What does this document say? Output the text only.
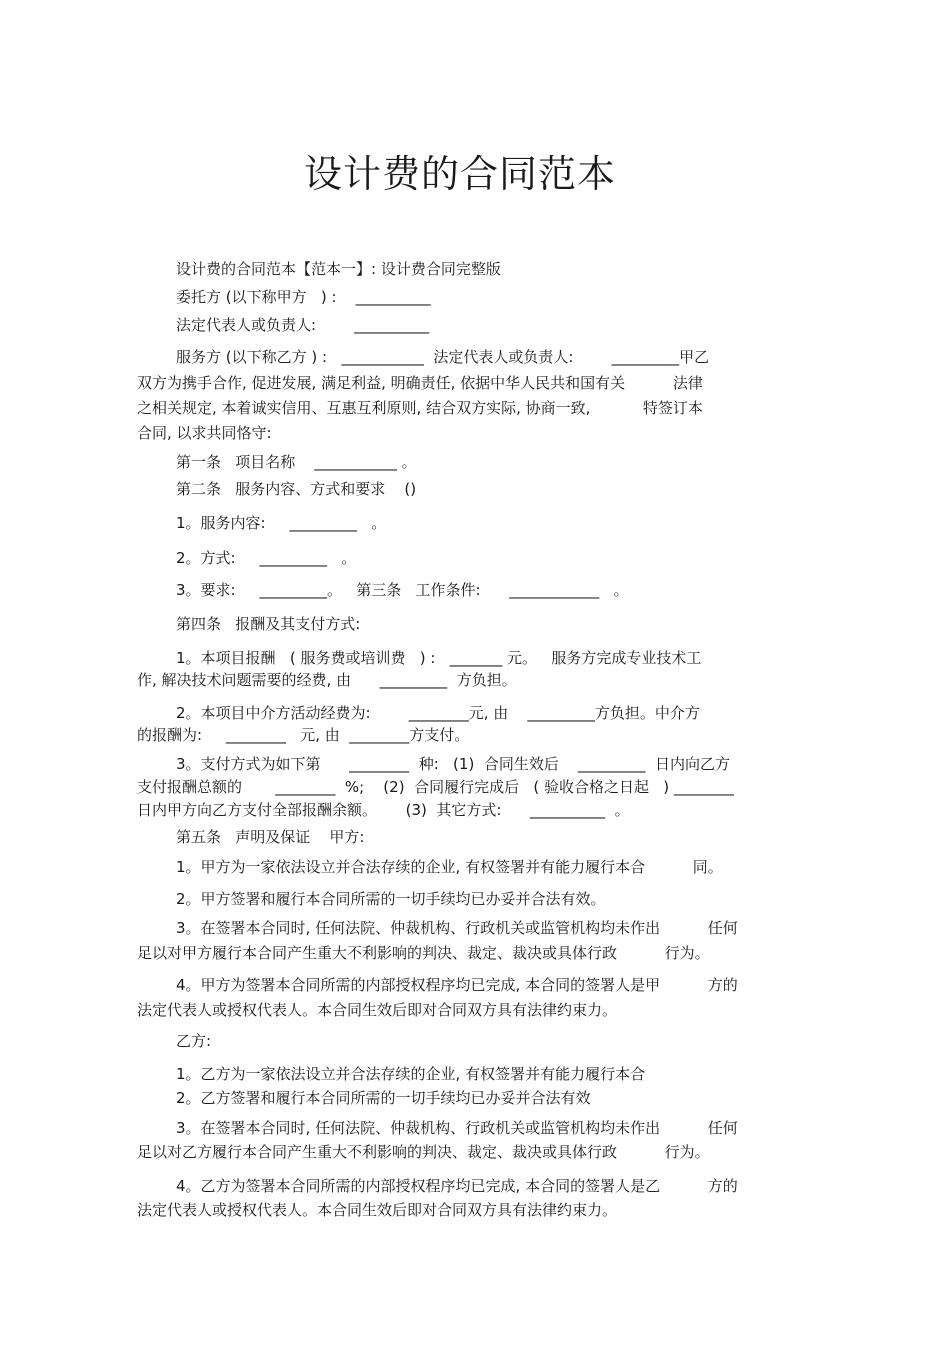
设计费的合同范本
设计费的合同范本【范本一】: 设计费合同完整版
委托方 (以下称甲方   ) :    __________
法定代表人或负责人:        __________
服务方 (以下称乙方 ) :   ___________  法定代表人或负责人:        _________甲乙
双方为携手合作, 促进发展, 满足利益, 明确责任, 依据中华人民共和国有关          法律
之相关规定, 本着诚实信用、互惠互利原则, 结合双方实际, 协商一致,           特签订本
合同, 以求共同恪守:
第一条   项目名称    ___________ 。
第二条   服务内容、方式和要求    ()
1。服务内容:     _________   。
2。方式:     _________   。
3。要求:     _________。   第三条   工作条件:      ____________   。
第四条   报酬及其支付方式:
1。本项目报酬   ( 服务费或培训费   ) :   _______ 元。   服务方完成专业技术工
作, 解决技术问题需要的经费, 由      _________  方负担。
2。本项目中介方活动经费为:        ________元, 由    _________方负担。中介方
的报酬为:     ________   元, 由  ________方支付。
3。支付方式为如下第      ________  种:   (1)  合同生效后    _________  日内向乙方
支付报酬总额的       ________  %;    (2)  合同履行完成后   ( 验收合格之日起   ) ________
日内甲方向乙方支付全部报酬余额。      (3)  其它方式:      __________  。
第五条   声明及保证    甲方:
1。甲方为一家依法设立并合法存续的企业, 有权签署并有能力履行本合          同。
2。甲方签署和履行本合同所需的一切手续均已办妥并合法有效。
3。在签署本合同时, 任何法院、仲裁机构、行政机关或监管机构均未作出          任何
足以对甲方履行本合同产生重大不利影响的判决、裁定、裁决或具体行政          行为。
4。甲方为签署本合同所需的内部授权程序均已完成, 本合同的签署人是甲          方的
法定代表人或授权代表人。本合同生效后即对合同双方具有法律约束力。
乙方:
1。乙方为一家依法设立并合法存续的企业, 有权签署并有能力履行本合
2。乙方签署和履行本合同所需的一切手续均已办妥并合法有效
3。在签署本合同时, 任何法院、仲裁机构、行政机关或监管机构均未作出          任何
足以对乙方履行本合同产生重大不利影响的判决、裁定、裁决或具体行政          行为。
4。乙方为签署本合同所需的内部授权程序均已完成, 本合同的签署人是乙          方的
法定代表人或授权代表人。本合同生效后即对合同双方具有法律约束力。
